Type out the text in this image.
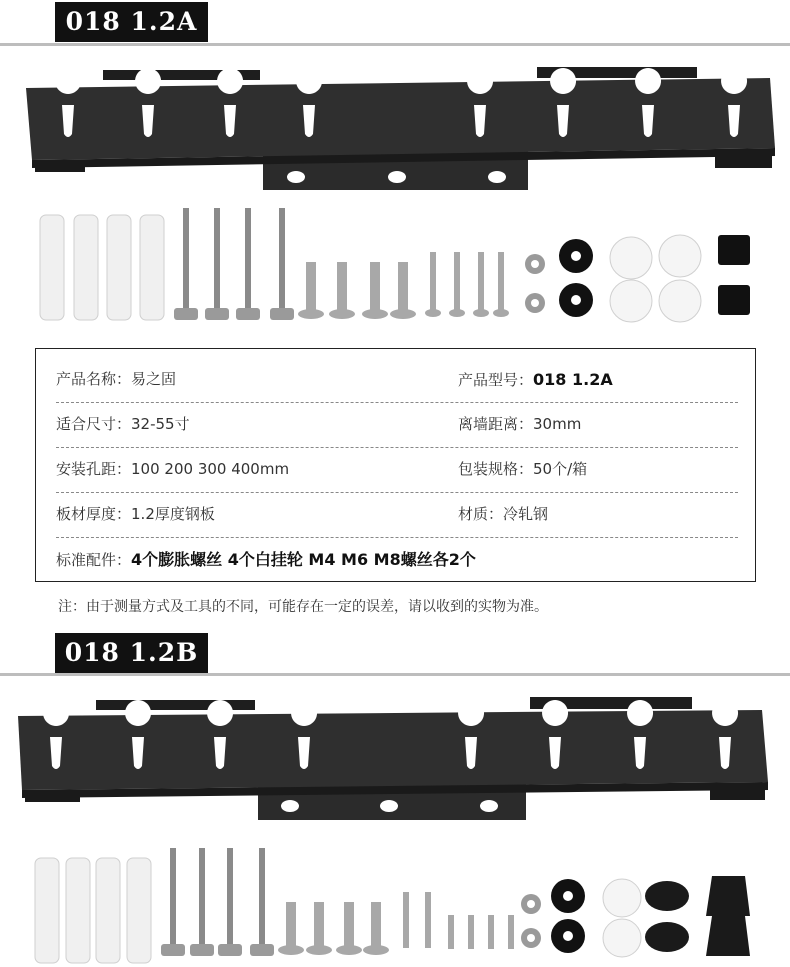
018 1.2A
产品名称：易之固	产品型号：018 1.2A
适合尺寸：32-55寸	离墙距离：30mm
安装孔距：100 200 300 400mm	包装规格：50个/箱
板材厚度：1.2厚度钢板	材质：冷轧钢
标准配件：4个膨胀螺丝 4个白挂轮 M4 M6 M8螺丝各2个
注：由于测量方式及工具的不同，可能存在一定的误差，请以收到的实物为准。
018 1.2B
